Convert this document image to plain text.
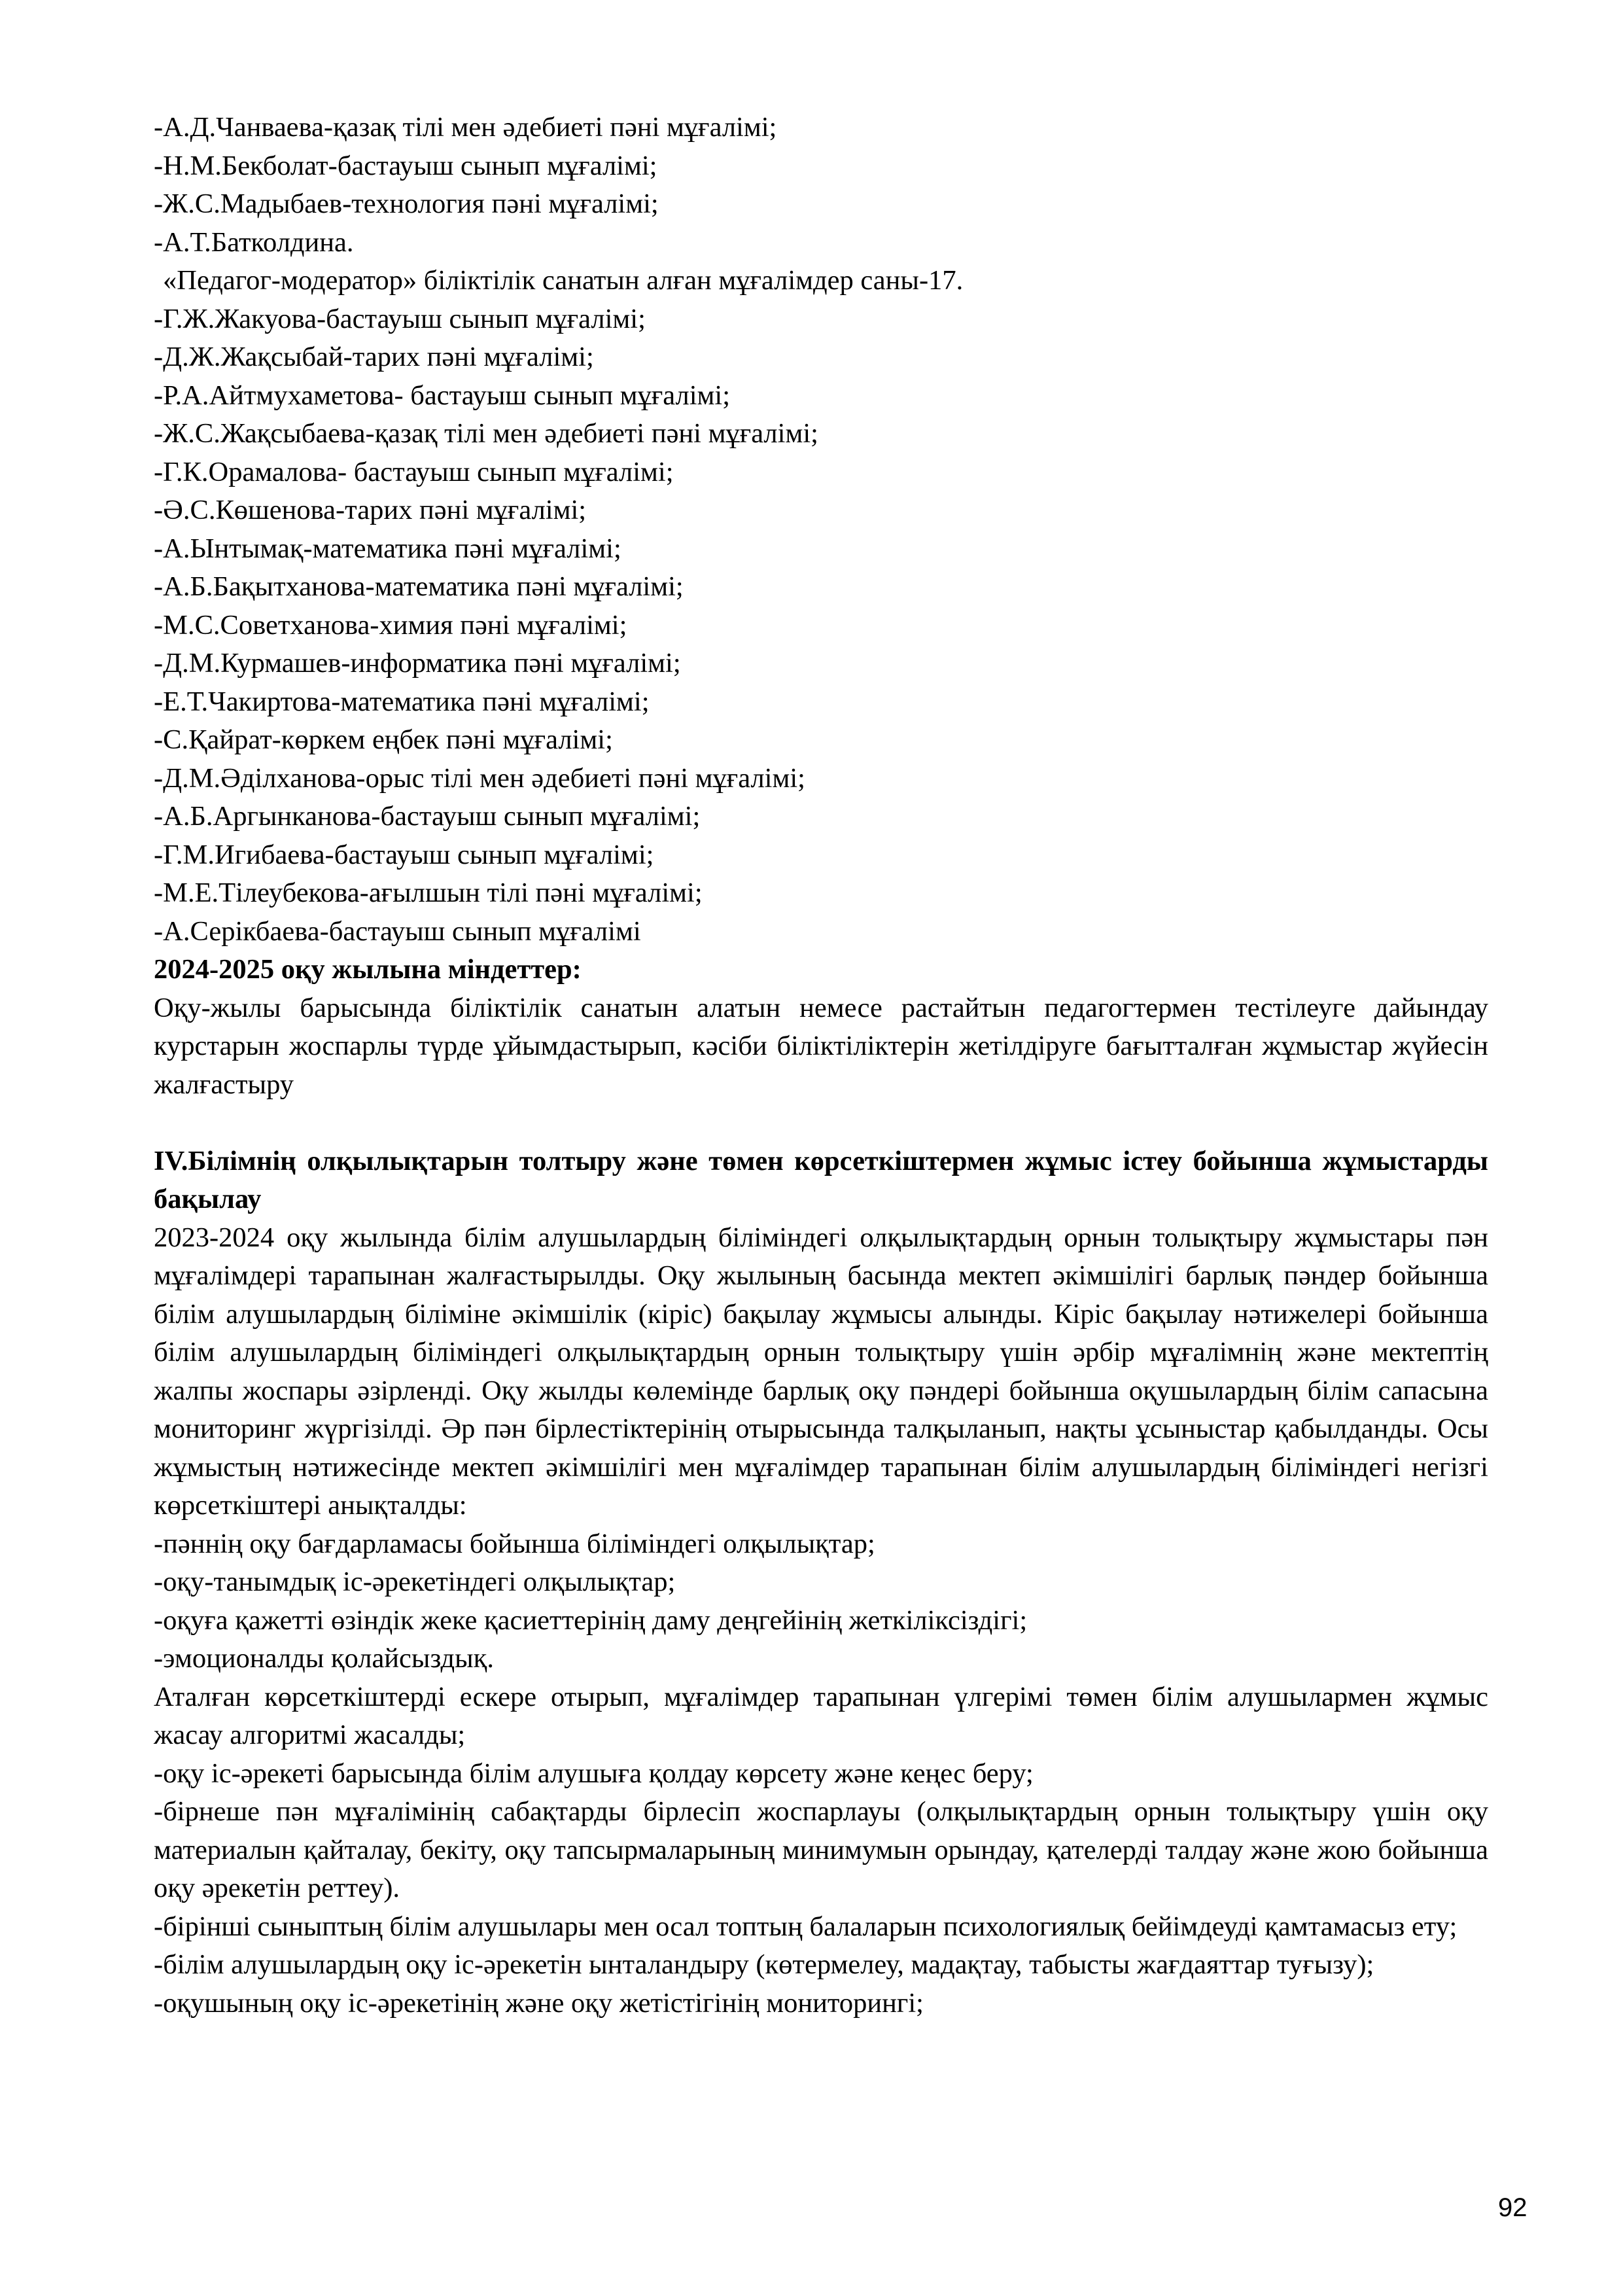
-А.Д.Чанваева-қазақ тілі мен әдебиеті пәні мұғалімі;
-Н.М.Бекболат-бастауыш сынып мұғалімі;
-Ж.С.Мадыбаев-технология пәні мұғалімі;
-А.Т.Батколдина.
«Педагог-модератор» біліктілік санатын алған мұғалімдер саны-17.
-Г.Ж.Жакуова-бастауыш сынып мұғалімі;
-Д.Ж.Жақсыбай-тарих пәні мұғалімі;
-Р.А.Айтмухаметова- бастауыш сынып мұғалімі;
-Ж.С.Жақсыбаева-қазақ тілі мен әдебиеті пәні мұғалімі;
-Г.К.Орамалова- бастауыш сынып мұғалімі;
-Ә.С.Көшенова-тарих пәні мұғалімі;
-А.Ынтымақ-математика пәні мұғалімі;
-А.Б.Бақытханова-математика пәні мұғалімі;
-М.С.Советханова-химия пәні мұғалімі;
-Д.М.Курмашев-информатика пәні мұғалімі;
-Е.Т.Чакиртова-математика пәні мұғалімі;
-С.Қайрат-көркем еңбек пәні мұғалімі;
-Д.М.Әділханова-орыс тілі мен әдебиеті пәні мұғалімі;
-А.Б.Аргынканова-бастауыш сынып мұғалімі;
-Г.М.Игибаева-бастауыш сынып мұғалімі;
-М.Е.Тілеубекова-ағылшын тілі пәні мұғалімі;
-А.Серікбаева-бастауыш сынып мұғалімі
2024-2025 оқу жылына міндеттер:
Оқу-жылы барысында біліктілік санатын алатын немесе растайтын педагогтермен тестілеуге дайындау курстарын жоспарлы түрде ұйымдастырып, кәсіби біліктіліктерін жетілдіруге бағытталған жұмыстар жүйесін жалғастыру
IV.Білімнің олқылықтарын толтыру және төмен көрсеткіштермен жұмыс істеу бойынша жұмыстарды бақылау
2023-2024 оқу жылында білім алушылардың біліміндегі олқылықтардың орнын толықтыру жұмыстары пән мұғалімдері тарапынан жалғастырылды. Оқу жылының басында мектеп әкімшілігі барлық пәндер бойынша білім алушылардың біліміне әкімшілік (кіріс) бақылау жұмысы алынды. Кіріс бақылау нәтижелері бойынша білім алушылардың біліміндегі олқылықтардың орнын толықтыру үшін әрбір мұғалімнің және мектептің жалпы жоспары әзірленді. Оқу жылды көлемінде барлық оқу пәндері бойынша оқушылардың білім сапасына мониторинг жүргізілді. Әр пән бірлестіктерінің отырысында талқыланып, нақты ұсыныстар қабылданды. Осы жұмыстың нәтижесінде мектеп әкімшілігі мен мұғалімдер тарапынан білім алушылардың біліміндегі негізгі көрсеткіштері анықталды:
-пәннің оқу бағдарламасы бойынша біліміндегі олқылықтар;
-оқу-танымдық іс-әрекетіндегі олқылықтар;
-оқуға қажетті өзіндік жеке қасиеттерінің даму деңгейінің жеткіліксіздігі;
-эмоционалды қолайсыздық.
Аталған көрсеткіштерді ескере отырып, мұғалімдер тарапынан үлгерімі төмен білім алушылармен жұмыс жасау алгоритмі жасалды;
-оқу іс-әрекеті барысында білім алушыға қолдау көрсету және кеңес беру;
-бірнеше пән мұғалімінің сабақтарды бірлесіп жоспарлауы (олқылықтардың орнын толықтыру үшін оқу материалын қайталау, бекіту, оқу тапсырмаларының минимумын орындау, қателерді талдау және жою бойынша оқу әрекетін реттеу).
-бірінші сыныптың білім алушылары мен осал топтың балаларын психологиялық бейімдеуді қамтамасыз ету;
-білім алушылардың оқу іс-әрекетін ынталандыру (көтермелеу, мадақтау, табысты жағдаяттар туғызу);
-оқушының оқу іс-әрекетінің және оқу жетістігінің мониторингі;
92
